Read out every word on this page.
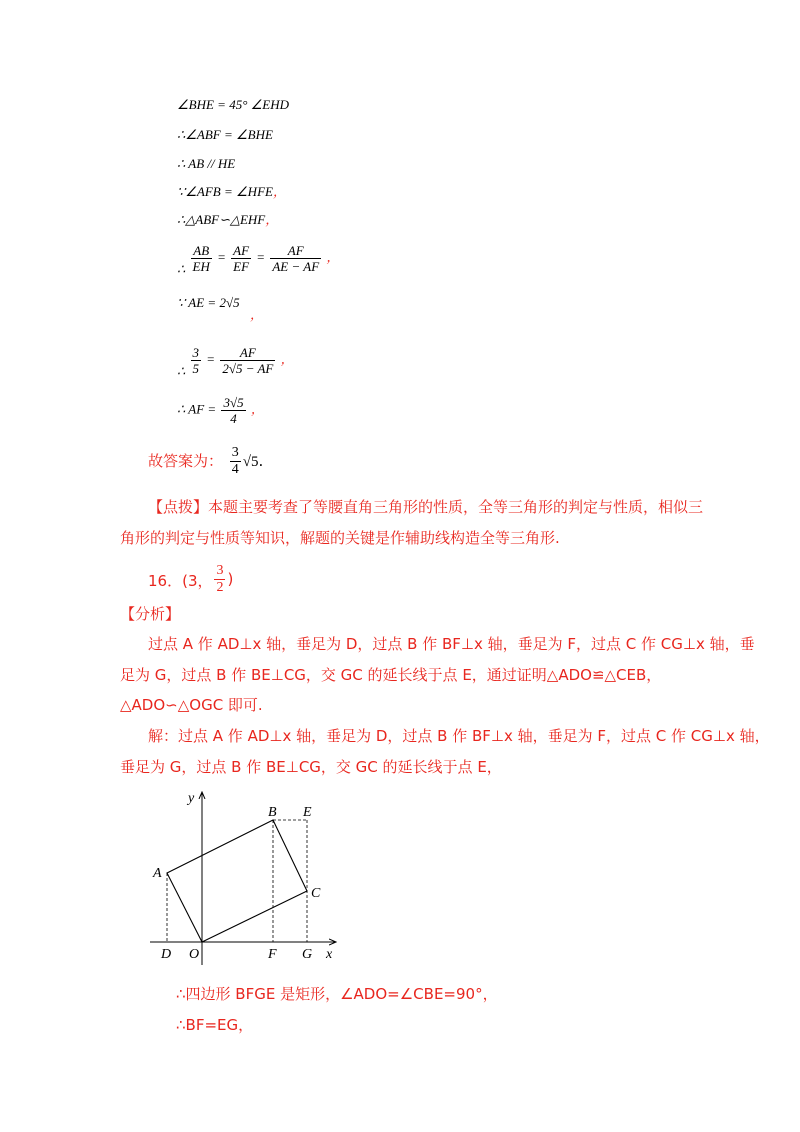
∠BHE = 45° ∠EHD
∴∠ABF = ∠BHE
∴ AB // HE
∵∠AFB = ∠HFE，
∴△ABF∽△EHF，
∴ $\frac{AB}{EH} = \frac{AF}{EF} = \frac{AF}{AE - AF}$ ，
∵ AE = 2√5
，
∴ $\frac{3}{5} = \frac{AF}{2√5 - AF}$ ，
∴ AF = $\frac{3√5}{4}$ ，
故答案为： $\frac{3}{4} √5$.
【点拨】本题主要考查了等腰直角三角形的性质，全等三角形的判定与性质，相似三
角形的判定与性质等知识，解题的关键是作辅助线构造全等三角形.
16．(3， $\frac{3}{2}$ )
【分析】
过点 A 作 AD⊥x 轴，垂足为 D，过点 B 作 BF⊥x 轴，垂足为 F，过点 C 作 CG⊥x 轴，垂
足为 G，过点 B 作 BE⊥CG，交 GC 的延长线于点 E，通过证明△ADO≌△CEB，
△ADO∽△OGC 即可.
解：过点 A 作 AD⊥x 轴，垂足为 D，过点 B 作 BF⊥x 轴，垂足为 F，过点 C 作 CG⊥x 轴，
垂足为 G，过点 B 作 BE⊥CG，交 GC 的延长线于点 E，
y
x
A
B E
C
D O	F G
∴四边形 BFGE 是矩形，∠ADO=∠CBE=90°，
∴BF=EG，
